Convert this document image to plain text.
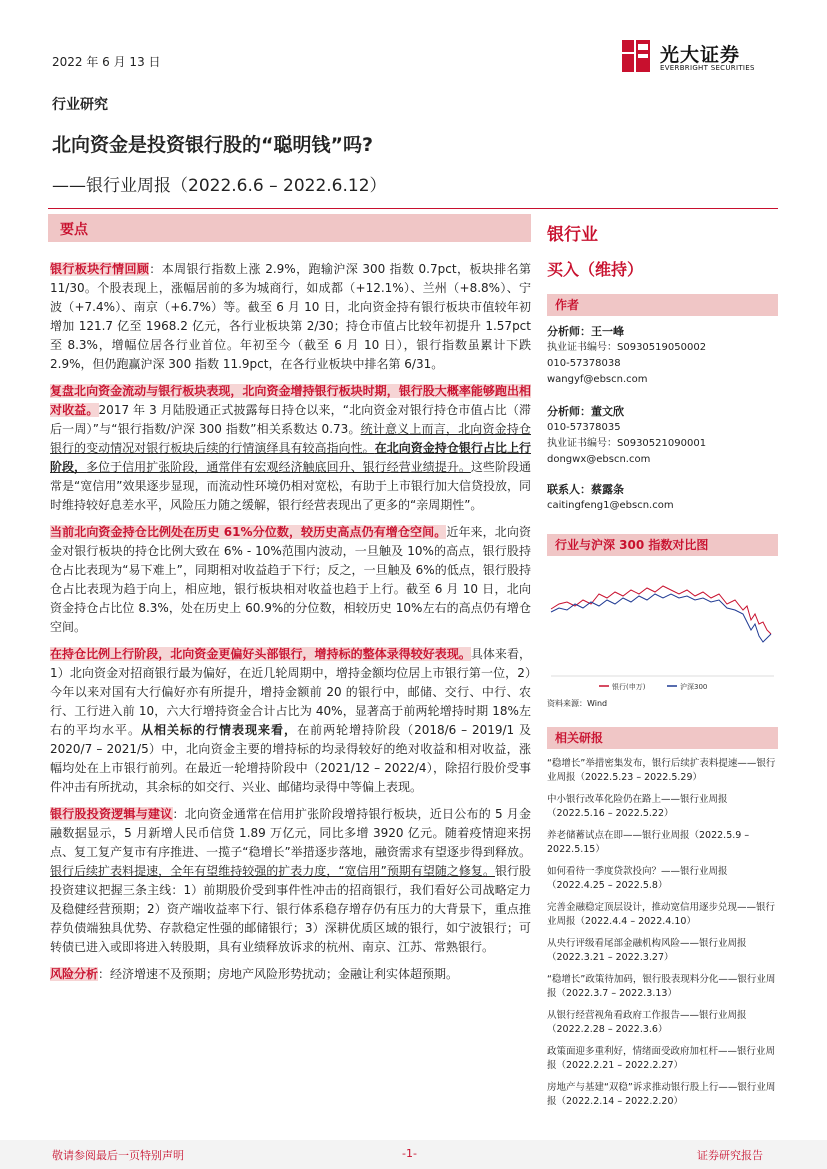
2022 年 6 月 13 日	光大证券
EVERBRIGHT SECURITIES
行业研究
北向资金是投资银行股的“聪明钱”吗?
——银行业周报（2022.6.6 – 2022.6.12）
要点

银行板块行情回顾：本周银行指数上涨 2.9%，跑输沪深 300 指数 0.7pct，板块排名第 11/30。个股表现上，涨幅居前的多为城商行，如成都（+12.1%）、兰州（+8.8%）、宁波（+7.4%）、南京（+6.7%）等。截至 6 月 10 日，北向资金持有银行板块市值较年初增加 121.7 亿至 1968.2 亿元，各行业板块第 2/30；持仓市值占比较年初提升 1.57pct 至 8.3%，增幅位居各行业首位。年初至今（截至 6 月 10 日），银行指数虽累计下跌 2.9%，但仍跑赢沪深 300 指数 11.9pct，在各行业板块中排名第 6/31。

复盘北向资金流动与银行板块表现，北向资金增持银行板块时期，银行股大概率能够跑出相对收益。2017 年 3 月陆股通正式披露每日持仓以来，“北向资金对银行持仓市值占比（滞后一周）”与“银行指数/沪深 300 指数”相关系数达 0.73。统计意义上而言，北向资金持仓银行的变动情况对银行板块后续的行情演绎具有较高指向性。在北向资金持仓银行占比上行阶段，多位于信用扩张阶段，通常伴有宏观经济触底回升、银行经营业绩提升。这些阶段通常是“宽信用”效果逐步显现，而流动性环境仍相对宽松，有助于上市银行加大信贷投放，同时维持较好息差水平，风险压力随之缓解，银行经营表现出了更多的“亲周期性”。

当前北向资金持仓比例处在历史 61%分位数，较历史高点仍有增仓空间。近年来，北向资金对银行板块的持仓比例大致在 6% - 10%范围内波动，一旦触及 10%的高点，银行股持仓占比表现为“易下难上”，同期相对收益趋于下行；反之，一旦触及 6%的低点，银行股持仓占比表现为趋于向上，相应地，银行板块相对收益也趋于上行。截至 6 月 10 日，北向资金持仓占比位 8.3%，处在历史上 60.9%的分位数，相较历史 10%左右的高点仍有增仓空间。

在持仓比例上行阶段，北向资金更偏好头部银行，增持标的整体录得较好表现。具体来看，1）北向资金对招商银行最为偏好，在近几轮周期中，增持金额均位居上市银行第一位，2）今年以来对国有大行偏好亦有所提升，增持金额前 20 的银行中，邮储、交行、中行、农行、工行进入前 10，六大行增持资金合计占比为 40%，显著高于前两轮增持时期 18%左右的平均水平。从相关标的行情表现来看，在前两轮增持阶段（2018/6 – 2019/1 及 2020/7 – 2021/5）中，北向资金主要的增持标的均录得较好的绝对收益和相对收益，涨幅均处在上市银行前列。在最近一轮增持阶段中（2021/12 – 2022/4），除招行股价受事件冲击有所扰动，其余标的如交行、兴业、邮储均录得中等偏上表现。

银行股投资逻辑与建议：北向资金通常在信用扩张阶段增持银行板块，近日公布的 5 月金融数据显示，5 月新增人民币信贷 1.89 万亿元，同比多增 3920 亿元。随着疫情迎来拐点、复工复产复市有序推进、一揽子“稳增长”举措逐步落地，融资需求有望逐步得到释放。银行后续扩表料提速，全年有望维持较强的扩表力度，“宽信用”预期有望随之修复。银行股投资建议把握三条主线：1）前期股价受到事件性冲击的招商银行，我们看好公司战略定力及稳健经营预期；2）资产端收益率下行、银行体系稳存增存仍有压力的大背景下，重点推荐负债端独具优势、存款稳定性强的邮储银行；3）深耕优质区域的银行，如宁波银行；可转债已进入或即将进入转股期，具有业绩释放诉求的杭州、南京、江苏、常熟银行。

风险分析：经济增速不及预期；房地产风险形势扰动；金融让利实体超预期。

银行业
买入（维持）
作者
分析师：王一峰
执业证书编号：S0930519050002
010-57378038
wangyf@ebscn.com
分析师：董文欣
010-57378035
执业证书编号：S0930521090001
dongwx@ebscn.com
联系人：蔡露条
caitingfeng1@ebscn.com
行业与沪深 300 指数对比图
银行(申万)	沪深300
资料来源：Wind
相关研报
“稳增长”举措密集发布，银行后续扩表料提速——银行业周报（2022.5.23 – 2022.5.29）
中小银行改革化险仍在路上——银行业周报（2022.5.16 – 2022.5.22）
养老储蓄试点在即——银行业周报（2022.5.9 – 2022.5.15）
如何看待一季度贷款投向？——银行业周报（2022.4.25 – 2022.5.8）
完善金融稳定顶层设计，推动宽信用逐步兑现——银行业周报（2022.4.4 – 2022.4.10）
从央行评级看尾部金融机构风险——银行业周报（2022.3.21 – 2022.3.27）
“稳增长”政策待加码，银行股表现料分化——银行业周报（2022.3.7 – 2022.3.13）
从银行经营视角看政府工作报告——银行业周报（2022.2.28 – 2022.3.6）
政策面迎多重利好，情绪面受政府加杠杆——银行业周报（2022.2.21 – 2022.2.27）
房地产与基建“双稳”诉求推动银行股上行——银行业周报（2022.2.14 – 2022.2.20）
敬请参阅最后一页特别声明	-1-	证券研究报告
